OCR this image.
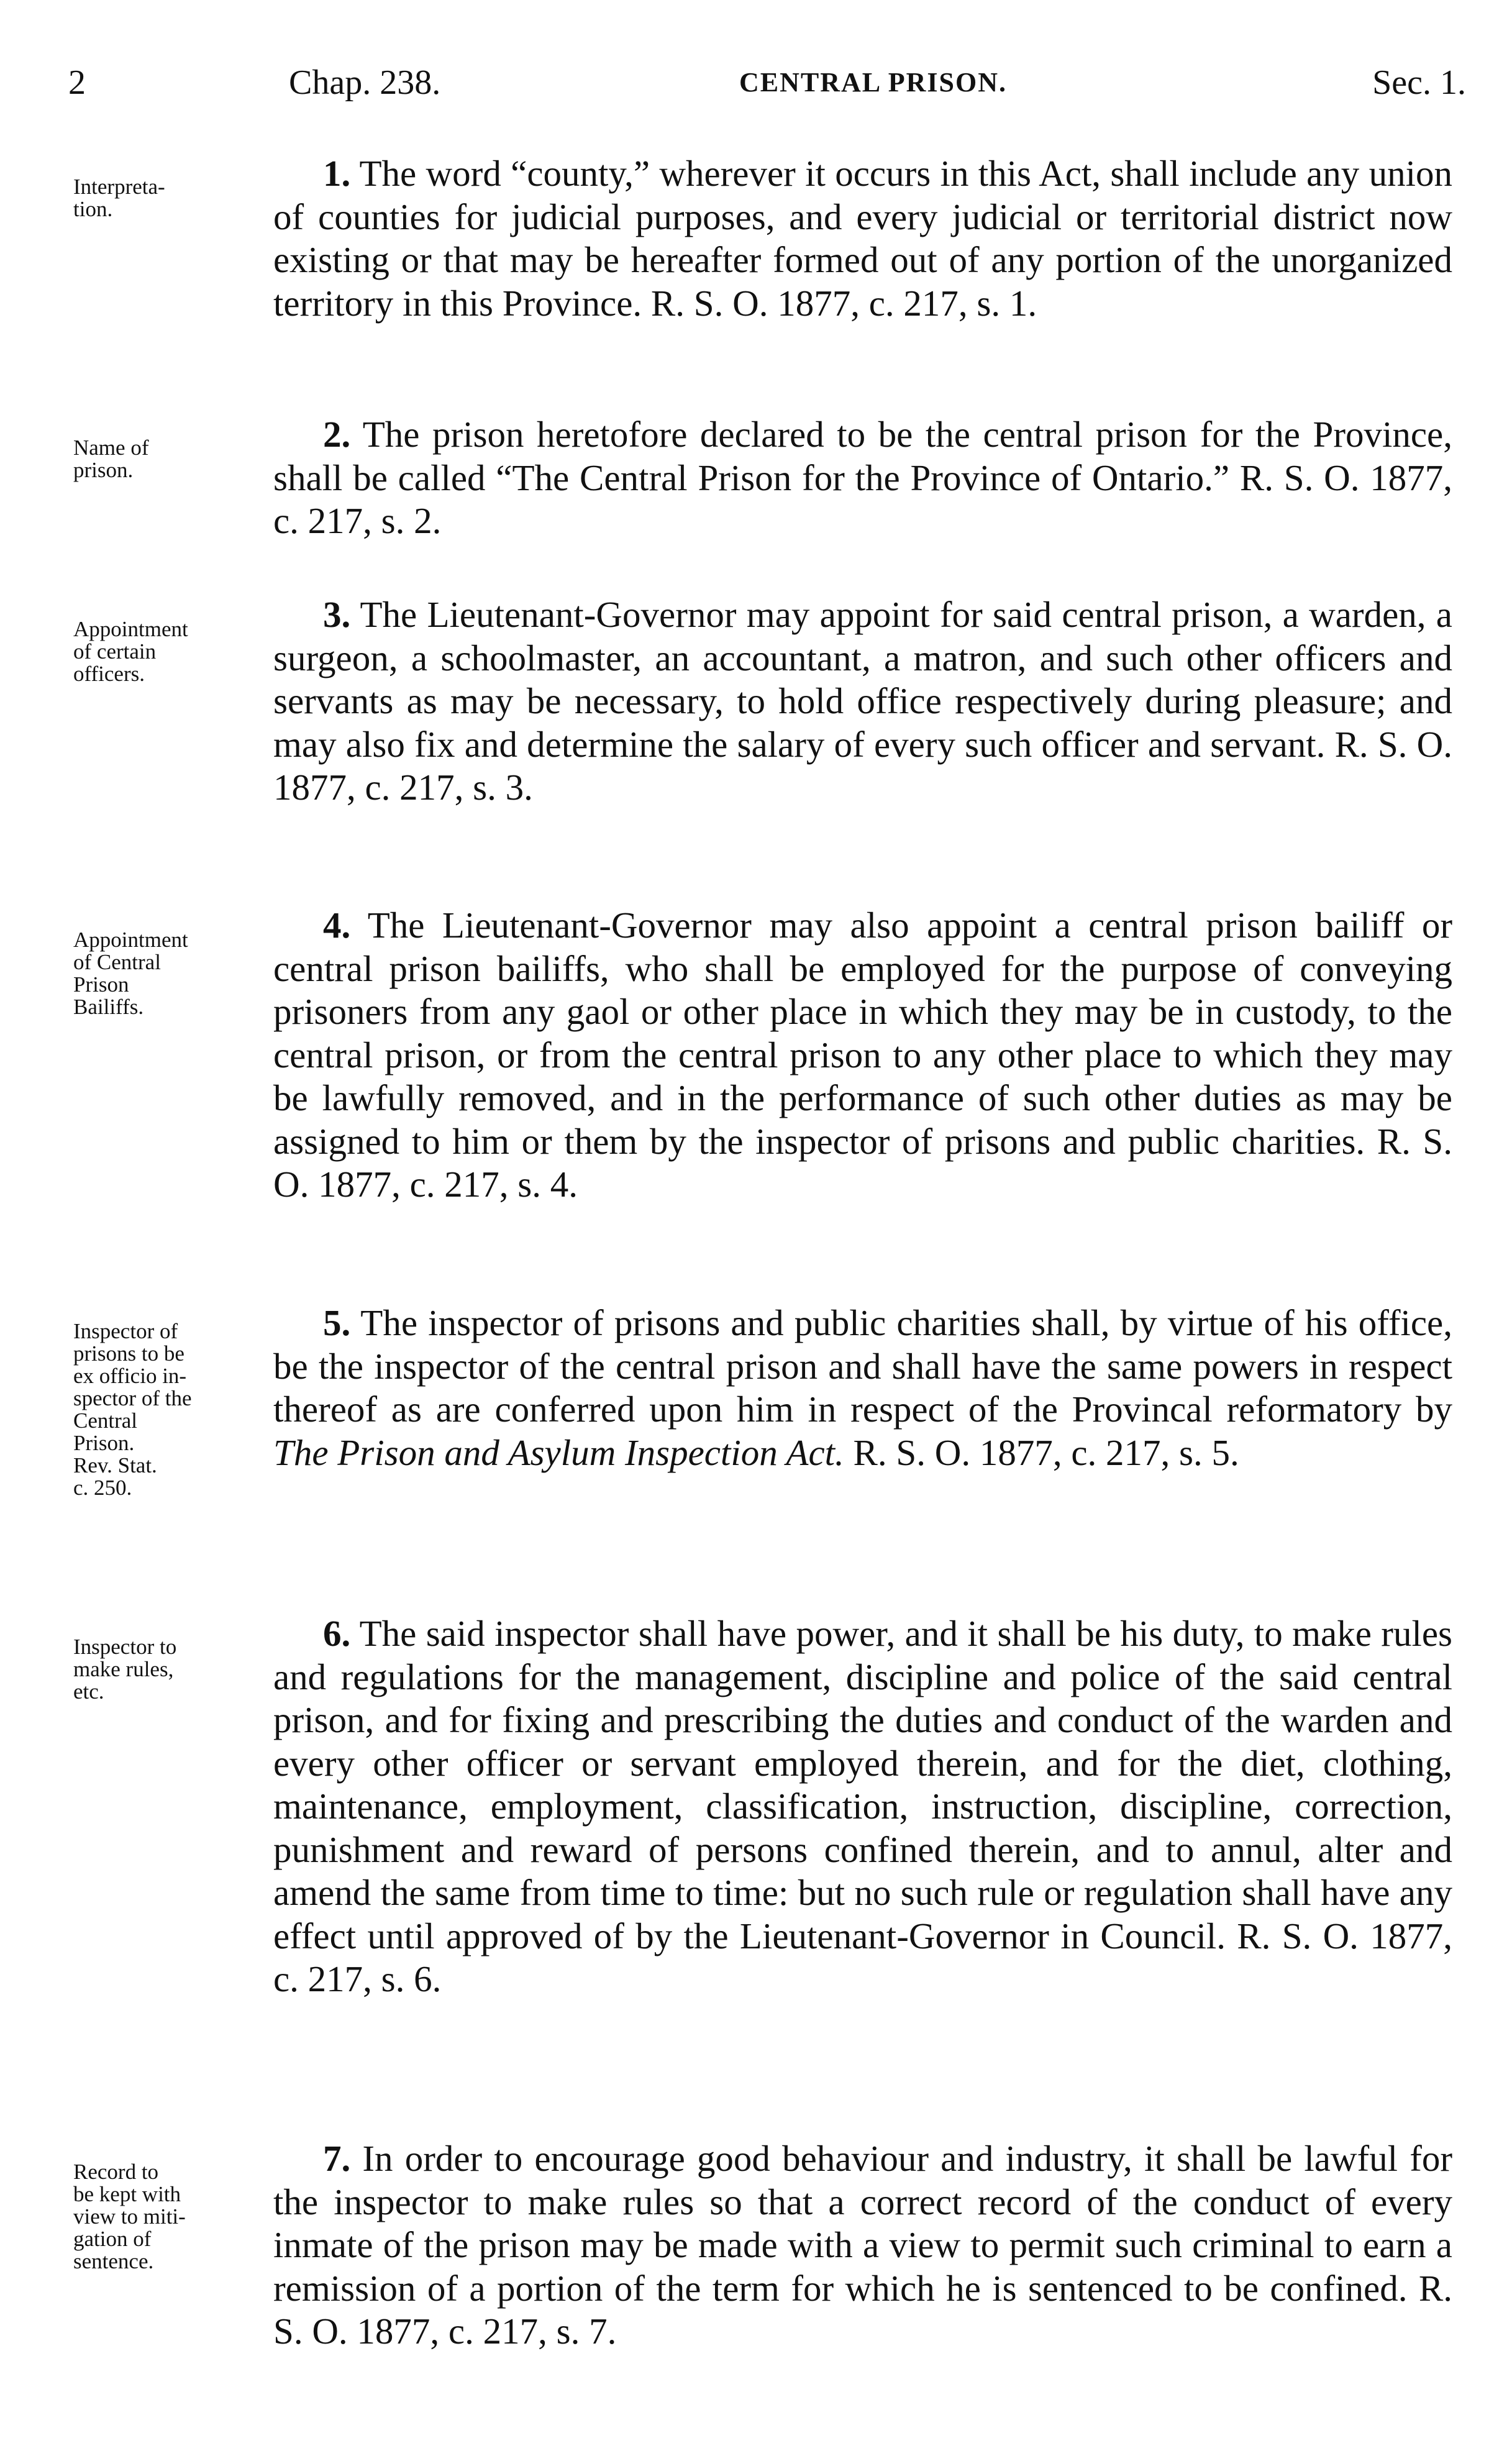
2	Chap. 238.	CENTRAL PRISON.	Sec. 1.
Interpreta-
tion.

1. The word “county,” wherever it occurs in this Act, shall include any union of counties for judicial purposes, and every judicial or territorial district now existing or that may be hereafter formed out of any portion of the unorganized territory in this Province. R. S. O. 1877, c. 217, s. 1.

Name of
prison.

2. The prison heretofore declared to be the central prison for the Province, shall be called “The Central Prison for the Province of Ontario.” R. S. O. 1877, c. 217, s. 2.

Appointment
of certain
officers.

3. The Lieutenant-Governor may appoint for said central prison, a warden, a surgeon, a schoolmaster, an accountant, a matron, and such other officers and servants as may be necessary, to hold office respectively during pleasure; and may also fix and determine the salary of every such officer and servant. R. S. O. 1877, c. 217, s. 3.

Appointment
of Central
Prison
Bailiffs.

4. The Lieutenant-Governor may also appoint a central prison bailiff or central prison bailiffs, who shall be employed for the purpose of conveying prisoners from any gaol or other place in which they may be in custody, to the central prison, or from the central prison to any other place to which they may be lawfully removed, and in the performance of such other duties as may be assigned to him or them by the inspector of prisons and public charities. R. S. O. 1877, c. 217, s. 4.

Inspector of
prisons to be
ex officio in-
spector of the
Central
Prison.
Rev. Stat.
c. 250.

5. The inspector of prisons and public charities shall, by virtue of his office, be the inspector of the central prison and shall have the same powers in respect thereof as are conferred upon him in respect of the Provincal reformatory by The Prison and Asylum Inspection Act. R. S. O. 1877, c. 217, s. 5.

Inspector to
make rules,
etc.

6. The said inspector shall have power, and it shall be his duty, to make rules and regulations for the management, discipline and police of the said central prison, and for fixing and prescribing the duties and conduct of the warden and every other officer or servant employed therein, and for the diet, clothing, maintenance, employment, classification, instruction, discipline, correction, punishment and reward of persons confined therein, and to annul, alter and amend the same from time to time: but no such rule or regulation shall have any effect until approved of by the Lieutenant-Governor in Council. R. S. O. 1877, c. 217, s. 6.

Record to
be kept with
view to miti-
gation of
sentence.

7. In order to encourage good behaviour and industry, it shall be lawful for the inspector to make rules so that a correct record of the conduct of every inmate of the prison may be made with a view to permit such criminal to earn a remission of a portion of the term for which he is sentenced to be confined. R. S. O. 1877, c. 217, s. 7.
